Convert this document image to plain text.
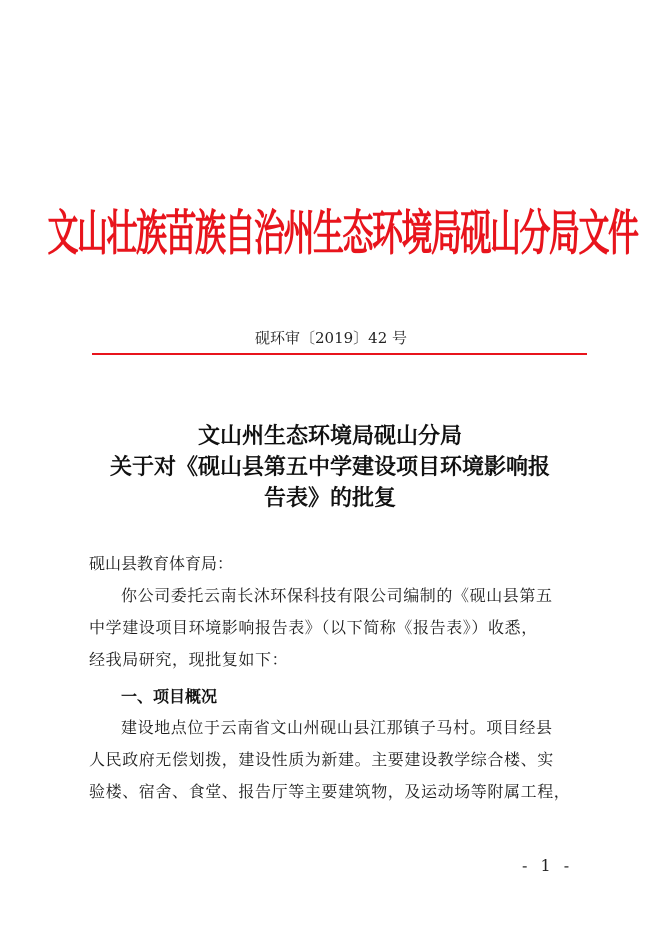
文山壮族苗族自治州生态环境局砚山分局文件
砚环审〔2019〕42 号
文山州生态环境局砚山分局
关于对《砚山县第五中学建设项目环境影响报
告表》的批复
砚山县教育体育局：
你公司委托云南长沐环保科技有限公司编制的《砚山县第五
中学建设项目环境影响报告表》（以下简称《报告表》）收悉，
经我局研究，现批复如下：
一、项目概况
建设地点位于云南省文山州砚山县江那镇子马村。项目经县
人民政府无偿划拨，建设性质为新建。主要建设教学综合楼、实
验楼、宿舍、食堂、报告厅等主要建筑物，及运动场等附属工程，
- 1 -
